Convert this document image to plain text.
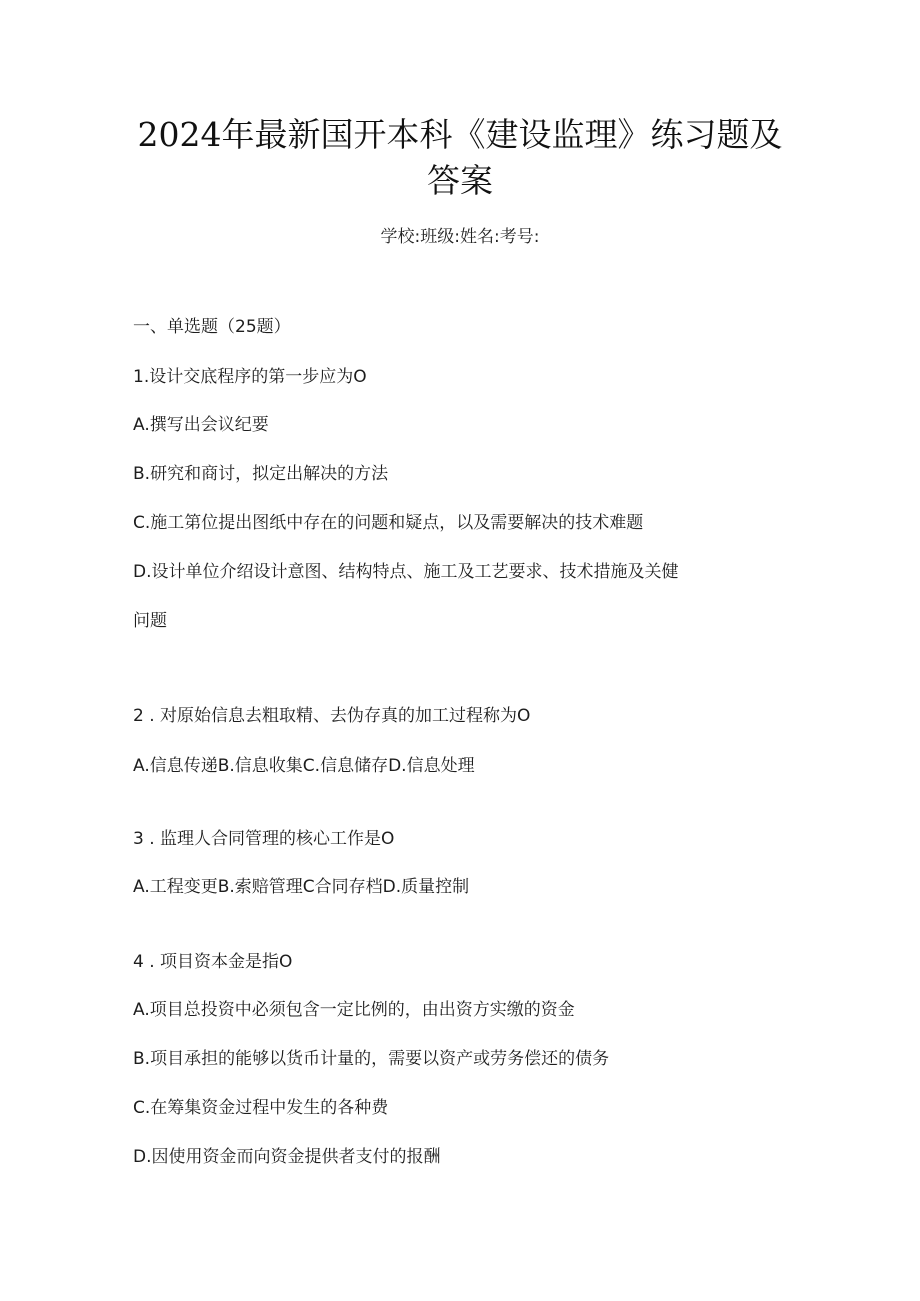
2024年最新国开本科《建设监理》练习题及
答案
学校:班级:姓名:考号:
一、单选题（25题）
1.设计交底程序的第一步应为O
A.撰写出会议纪要
B.研究和商讨，拟定出解决的方法
C.施工第位提出图纸中存在的问题和疑点，以及需要解决的技术难题
D.设计单位介绍设计意图、结构特点、施工及工艺要求、技术措施及关健
问题
2 . 对原始信息去粗取精、去伪存真的加工过程称为O
A.信息传递B.信息收集C.信息储存D.信息处理
3 . 监理人合同管理的核心工作是O
A.工程变更B.索赔管理C合同存档D.质量控制
4 . 项目资本金是指O
A.项目总投资中必须包含一定比例的，由出资方实缴的资金
B.项目承担的能够以货币计量的，需要以资产或劳务偿还的债务
C.在筹集资金过程中发生的各种费
D.因使用资金而向资金提供者支付的报酬
